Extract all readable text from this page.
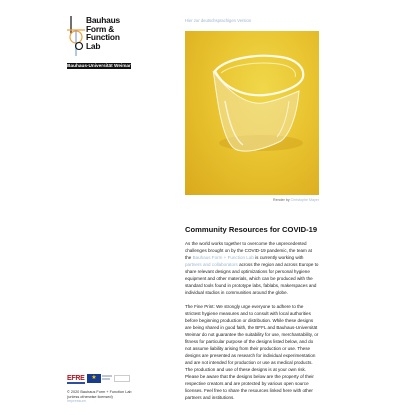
Bauhaus
Form &
Function
Lab
Bauhaus-Universität Weimar
Hier zur deutschsprachigen Version
Render by Christophe Mayer
Community Resources for COVID-19

As the world works together to overcome the unprecedented challenges brought on by the COVID-19 pandemic, the team at the Bauhaus Form + Function Lab is currently working with partners and collaborators across the region and across Europe to share relevant designs and optimizations for personal hygiene equipment and other materials, which can be produced with the standard tools found in prototype labs, fablabs, makerspaces and individual studios in communities around the globe.

The Fine Print: We strongly urge everyone to adhere to the strictest hygiene measures and to consult with local authorities before beginning production or distribution. While these designs are being shared in good faith, the BFFL and Bauhaus-Universität Weimar do not guarantee the suitability for use, merchantability, or fitness for particular purpose of the designs listed below, and do not assume liability arising from their production or use. These designs are presented as research for individual experimentation and are not intended for production or use as medical products. The production and use of these designs is at your own risk. Please be aware that the designs below are the property of their respective creators and are protected by various open source licenses. Feel free to share the resources linked here with other partners and institutions.

EFRE	★
© 2020 Bauhaus Form + Function Lab
(unless otherwise licensed)
Impressum
